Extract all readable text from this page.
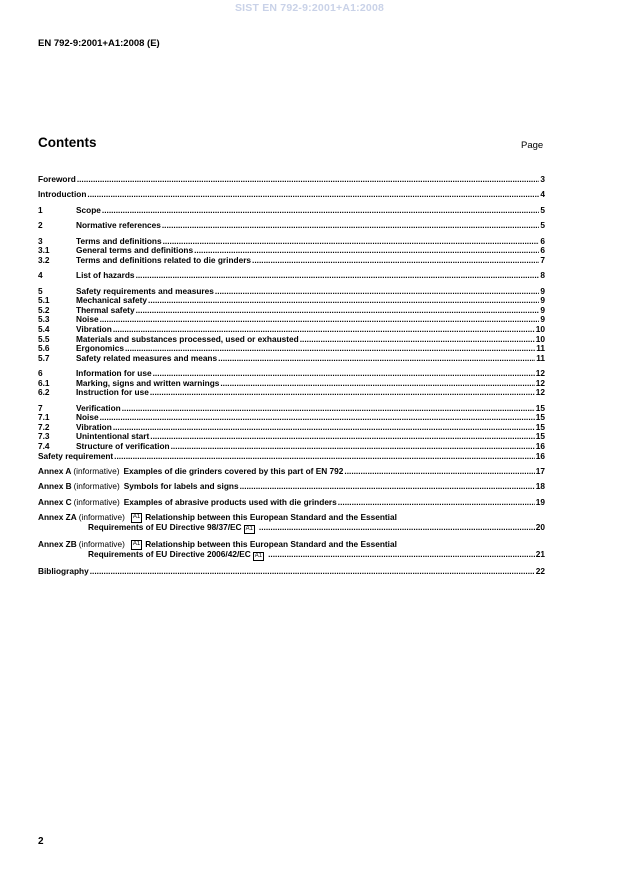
SIST EN 792-9:2001+A1:2008
EN 792-9:2001+A1:2008 (E)
Contents	Page
Foreword .....	3
Introduction .....	4
1	Scope .....	5
2	Normative references .....	5
3	Terms and definitions .....	6
3.1	General terms and definitions .....	6
3.2	Terms and definitions related to die grinders .....	7
4	List of hazards .....	8
5	Safety requirements and measures .....	9
5.1	Mechanical safety .....	9
5.2	Thermal safety .....	9
5.3	Noise .....	9
5.4	Vibration .....	10
5.5	Materials and substances processed, used or exhausted .....	10
5.6	Ergonomics .....	11
5.7	Safety related measures and means .....	11
6	Information for use .....	12
6.1	Marking, signs and written warnings .....	12
6.2	Instruction for use .....	12
7	Verification .....	15
7.1	Noise .....	15
7.2	Vibration .....	15
7.3	Unintentional start .....	15
7.4	Structure of verification .....	16
Safety requirement .....	16
Annex A (informative) Examples of die grinders covered by this part of EN 792 .....	17
Annex B (informative) Symbols for labels and signs .....	18
Annex C (informative) Examples of abrasive products used with die grinders .....	19
Annex ZA (informative)	A1 Relationship between this European Standard and the Essential
Requirements of EU Directive 98/37/EC A1 .....	20
Annex ZB (informative)	A1 Relationship between this European Standard and the Essential
Requirements of EU Directive 2006/42/EC A1 .....	21
Bibliography .....	22
2
